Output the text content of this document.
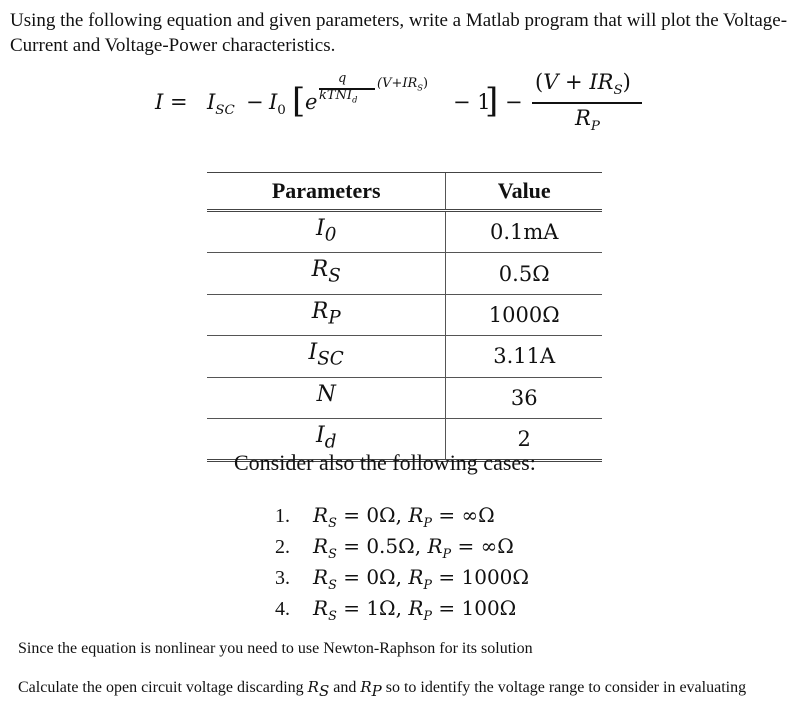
Using the following equation and given parameters, write a Matlab program that will plot the Voltage-Current and Voltage-Power characteristics.
$I = I_{SC} - I_0$ [ e
q
kTNI$_d$
$(V+IR_S)$
− 1
] −
$(V + IR_S)$
$R_P$
Parameters	Value
$I_0$	0.1mA
$R_S$	0.5Ω
$R_P$	1000Ω
$I_{SC}$	3.11A
N	36
$I_d$	2
Consider also the following cases:
1. $R_S = 0\Omega$, $R_P = \infty\Omega$
2. $R_S = 0.5\Omega$, $R_P = \infty\Omega$
3. $R_S = 0\Omega$, $R_P = 1000\Omega$
4. $R_S = 1\Omega$, $R_P = 100\Omega$
Since the equation is nonlinear you need to use Newton-Raphson for its solution
Calculate the open circuit voltage discarding $R_S$ and $R_P$ so to identify the voltage range to consider in evaluating
